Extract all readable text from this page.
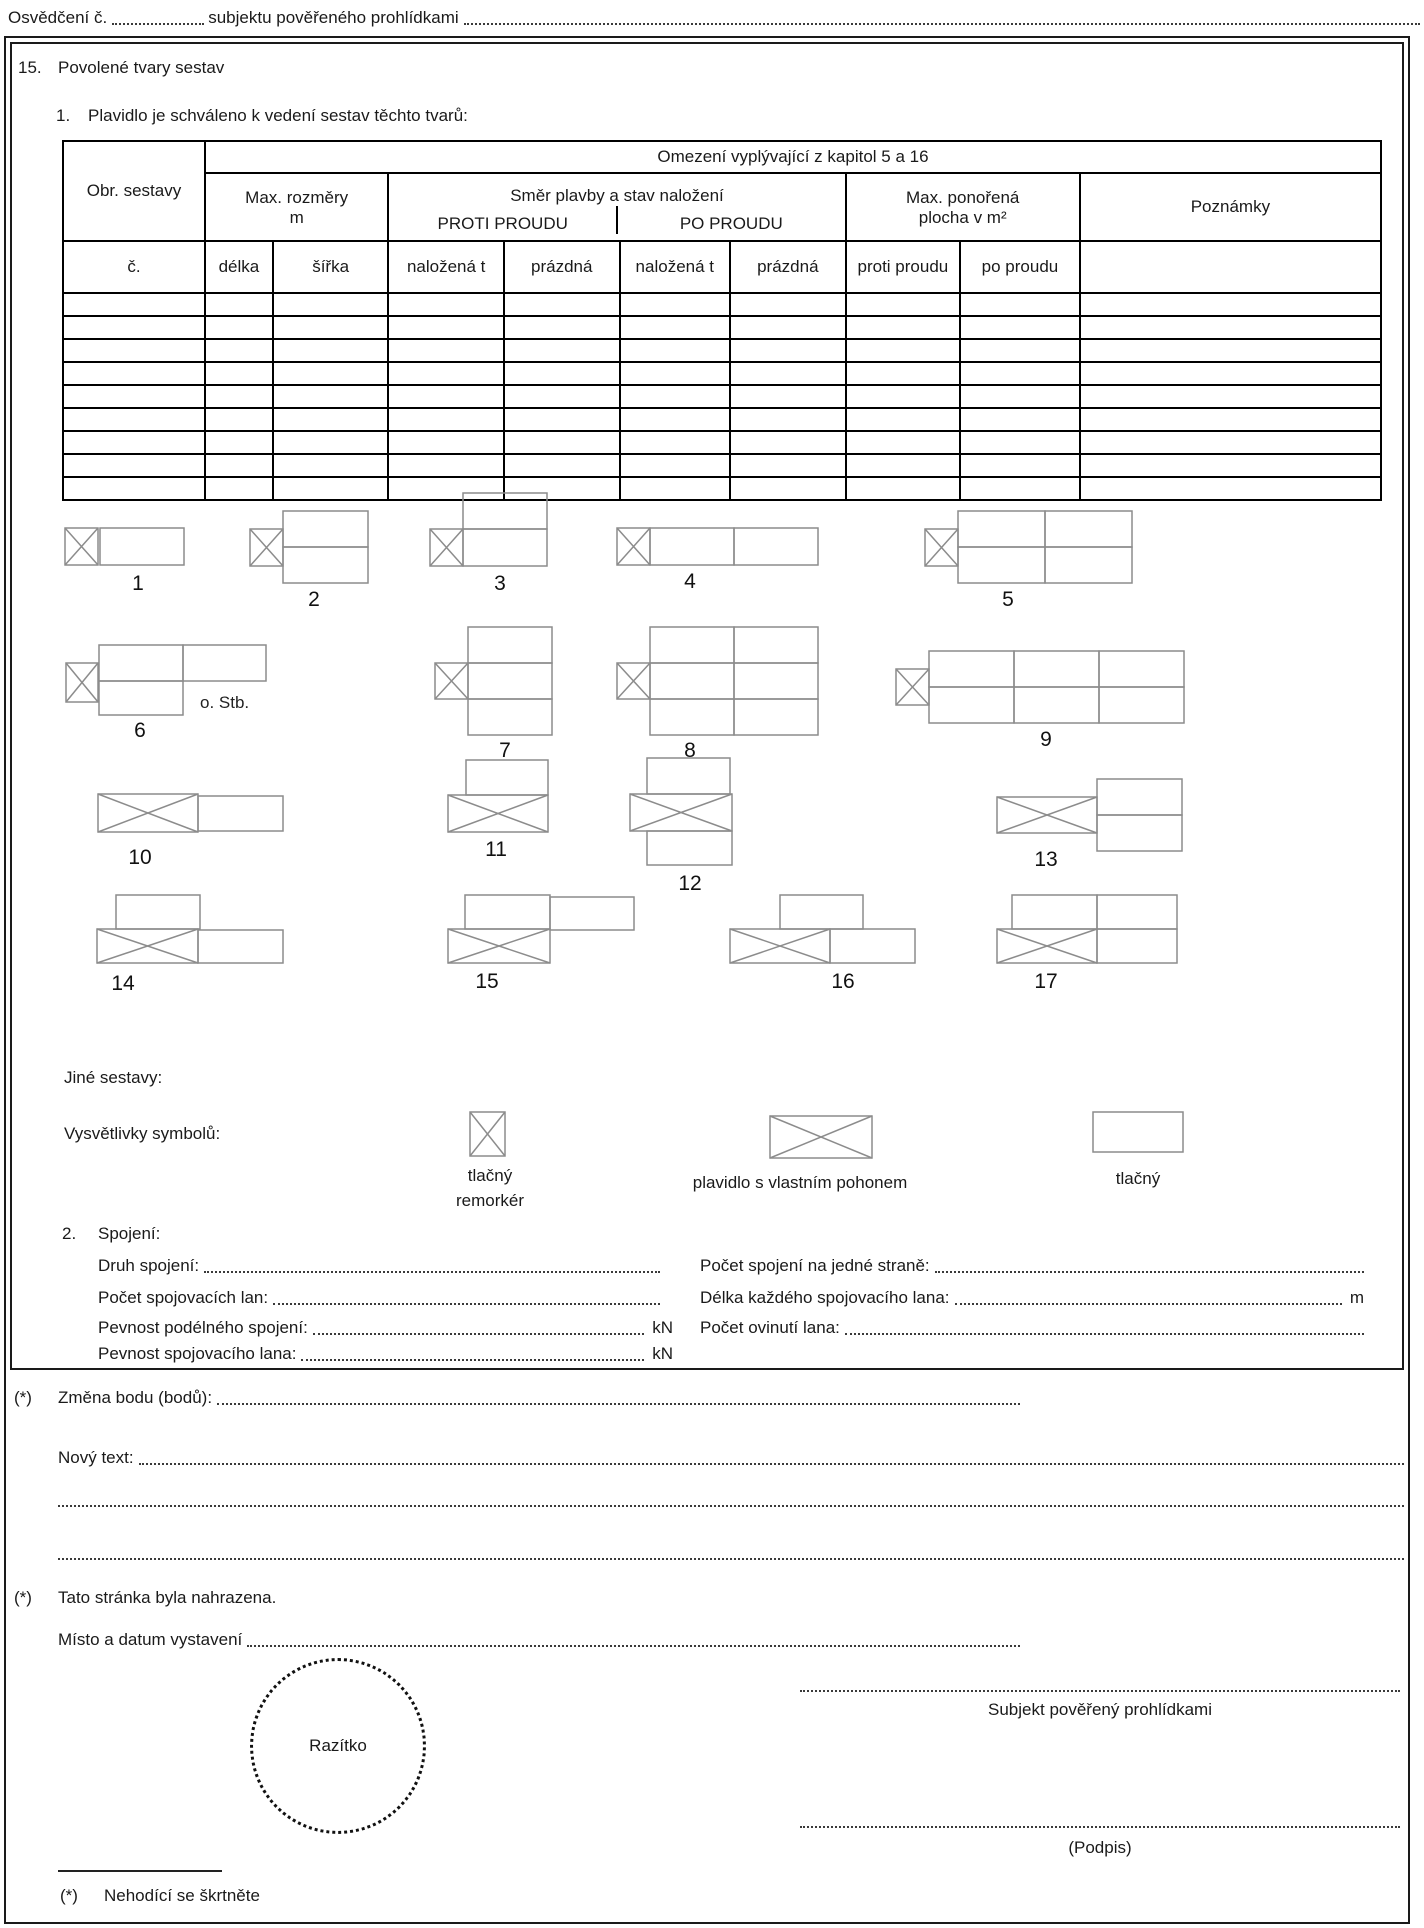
Osvědčení č.	subjektu pověřeného prohlídkami
15. Povolené tvary sestav
1. Plavidlo je schváleno k vedení sestav těchto tvarů:
Obr. sestavy	Omezení vyplývající z kapitol 5 a 16								

Max. rozměry
m

Směr plavby a stav naložení
PROTI PROUDU	PO PROUDU

Max. ponořená
plocha v m²
	Poznámky
č.	délka	šířka	naložená t	prázdná	naložená t	prázdná	proti proudu	po proudu	

1
2
3	4
5
6
o. Stb.
7	8	9
10	11
12
13
14	15	16	17
Jiné sestavy:
Vysvětlivky symbolů:
tlačný
remorkér
plavidlo s vlastním pohonem	tlačný
2. Spojení:
Druh spojení:	Počet spojení na jedné straně:
Počet spojovacích lan:	Délka každého spojovacího lana:	m
Pevnost podélného spojení:	kN Počet ovinutí lana:
Pevnost spojovacího lana:	kN
(*) Změna bodu (bodů):
Nový text:
(*) Tato stránka byla nahrazena.
Místo a datum vystavení
Razítko
Subjekt pověřený prohlídkami
(Podpis)
(*) Nehodící se škrtněte
